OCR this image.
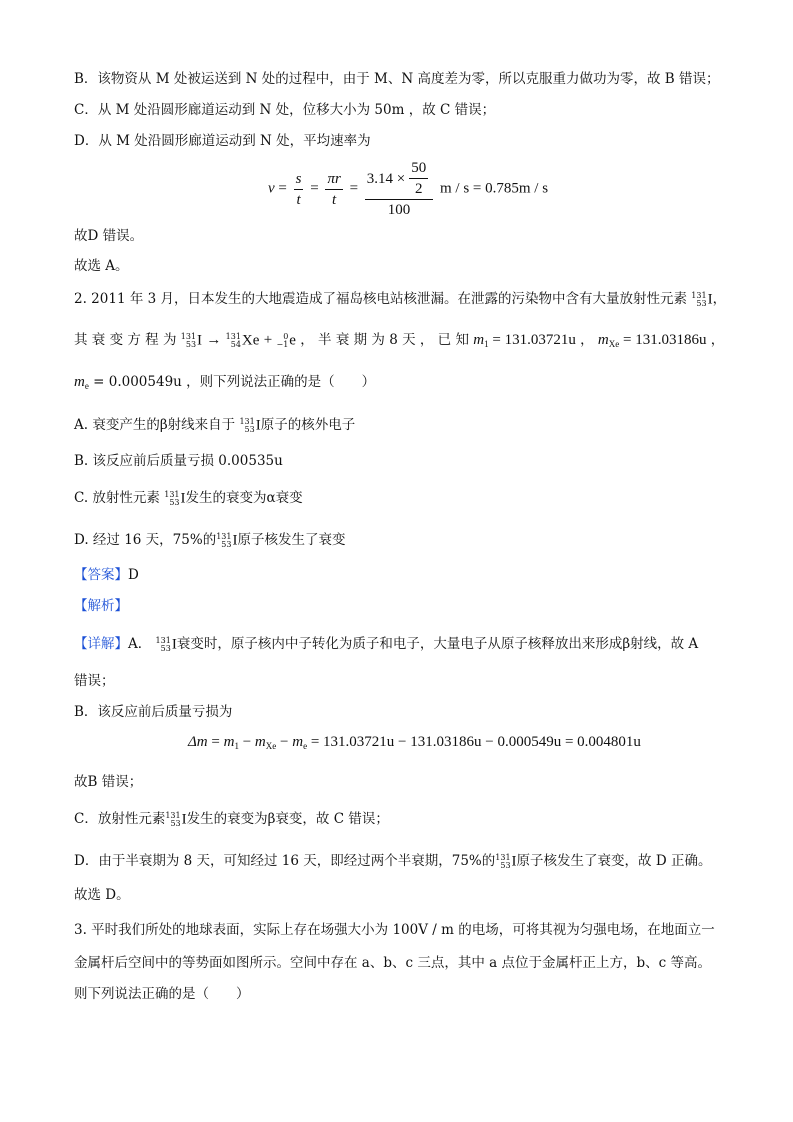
B．该物资从 M 处被运送到 N 处的过程中，由于 M、N 高度差为零，所以克服重力做功为零，故 B 错误；
C．从 M 处沿圆形廊道运动到 N 处，位移大小为 50m ，故 C 错误；
D．从 M 处沿圆形廊道运动到 N 处，平均速率为
$v = \frac{s}{t} = \frac{\pi r}{t} = \frac{3.14 \times \frac{50}{2}}{100}$ m / s = 0.785m / s
故D 错误。
故选 A。
2. 2011 年 3 月，日本发生的大地震造成了福岛核电站核泄漏。在泄露的污染物中含有大量放射性元素 131
53 I，
其 衰 变 方 程 为 131
53 I → 131
54 Xe +	0
−1 e ， 半 衰 期 为 8 天 ， 已 知 $m_1 = 131.03721u$ ， $m_{Xe} = 131.03186u$ ，
$m_e = 0.000549u$ ，则下列说法正确的是（　　）
A. 衰变产生的β射线来自于 131
53 I原子的核外电子
B. 该反应前后质量亏损 0.00535u
C. 放射性元素 131
53 I发生的衰变为α衰变
D. 经过 16 天，75%的 131
53 I原子核发生了衰变
【答案】D
【解析】
【详解】A． 131
53 I衰变时，原子核内中子转化为质子和电子，大量电子从原子核释放出来形成β射线，故 A
错误；
B．该反应前后质量亏损为
$\Delta m = m_1 - m_{Xe} - m_e = 131.03721u - 131.03186u - 0.000549u = 0.004801u$
故B 错误；
C．放射性元素 131
53 I发生的衰变为β衰变，故 C 错误；
D．由于半衰期为 8 天，可知经过 16 天，即经过两个半衰期，75%的 131
53 I原子核发生了衰变，故 D 正确。
故选 D。
3. 平时我们所处的地球表面，实际上存在场强大小为 100V / m 的电场，可将其视为匀强电场，在地面立一
金属杆后空间中的等势面如图所示。空间中存在 a、b、c 三点，其中 a 点位于金属杆正上方，b、c 等高。
则下列说法正确的是（　　）
